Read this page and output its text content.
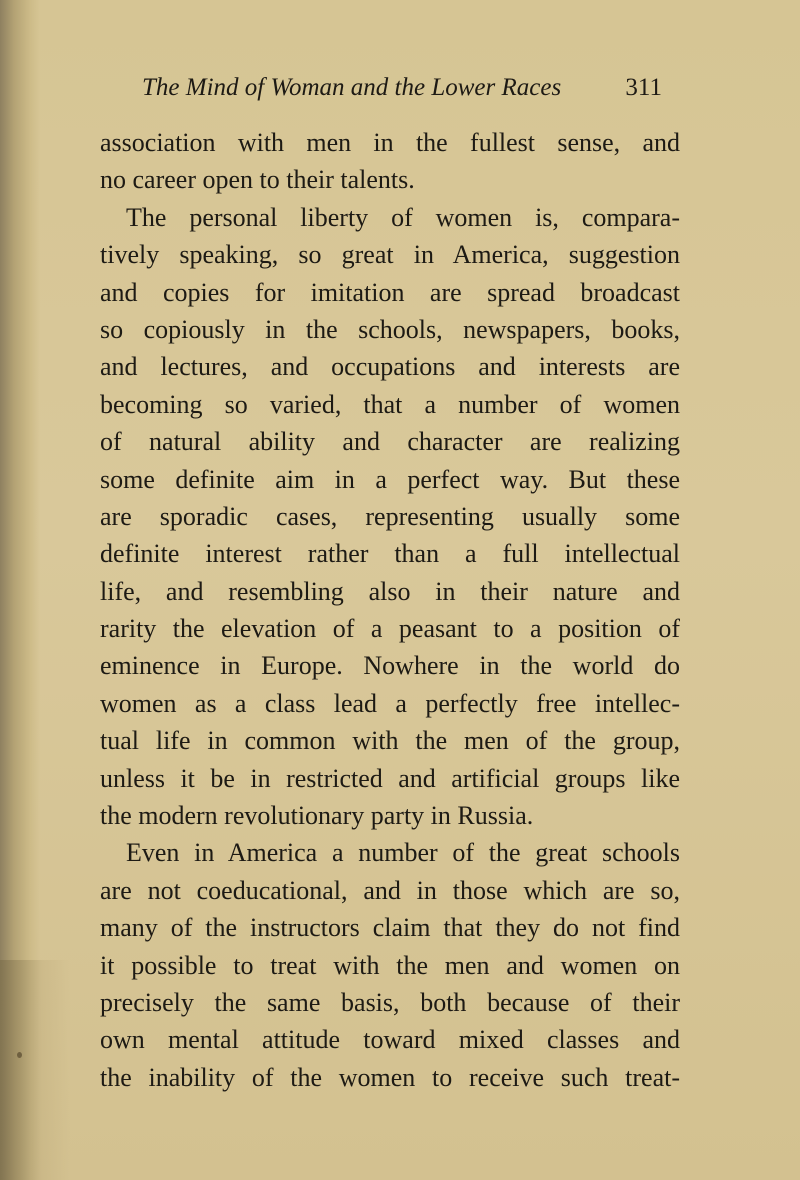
The Mind of Woman and the Lower Races	311
association with men in the fullest sense, and
no career open to their talents.
The personal liberty of women is, compara-
tively speaking, so great in America, suggestion
and copies for imitation are spread broadcast
so copiously in the schools, newspapers, books,
and lectures, and occupations and interests are
becoming so varied, that a number of women
of natural ability and character are realizing
some definite aim in a perfect way. But these
are sporadic cases, representing usually some
definite interest rather than a full intellectual
life, and resembling also in their nature and
rarity the elevation of a peasant to a position of
eminence in Europe. Nowhere in the world do
women as a class lead a perfectly free intellec-
tual life in common with the men of the group,
unless it be in restricted and artificial groups like
the modern revolutionary party in Russia.
Even in America a number of the great schools
are not coeducational, and in those which are so,
many of the instructors claim that they do not find
it possible to treat with the men and women on
precisely the same basis, both because of their
own mental attitude toward mixed classes and
the inability of the women to receive such treat-
